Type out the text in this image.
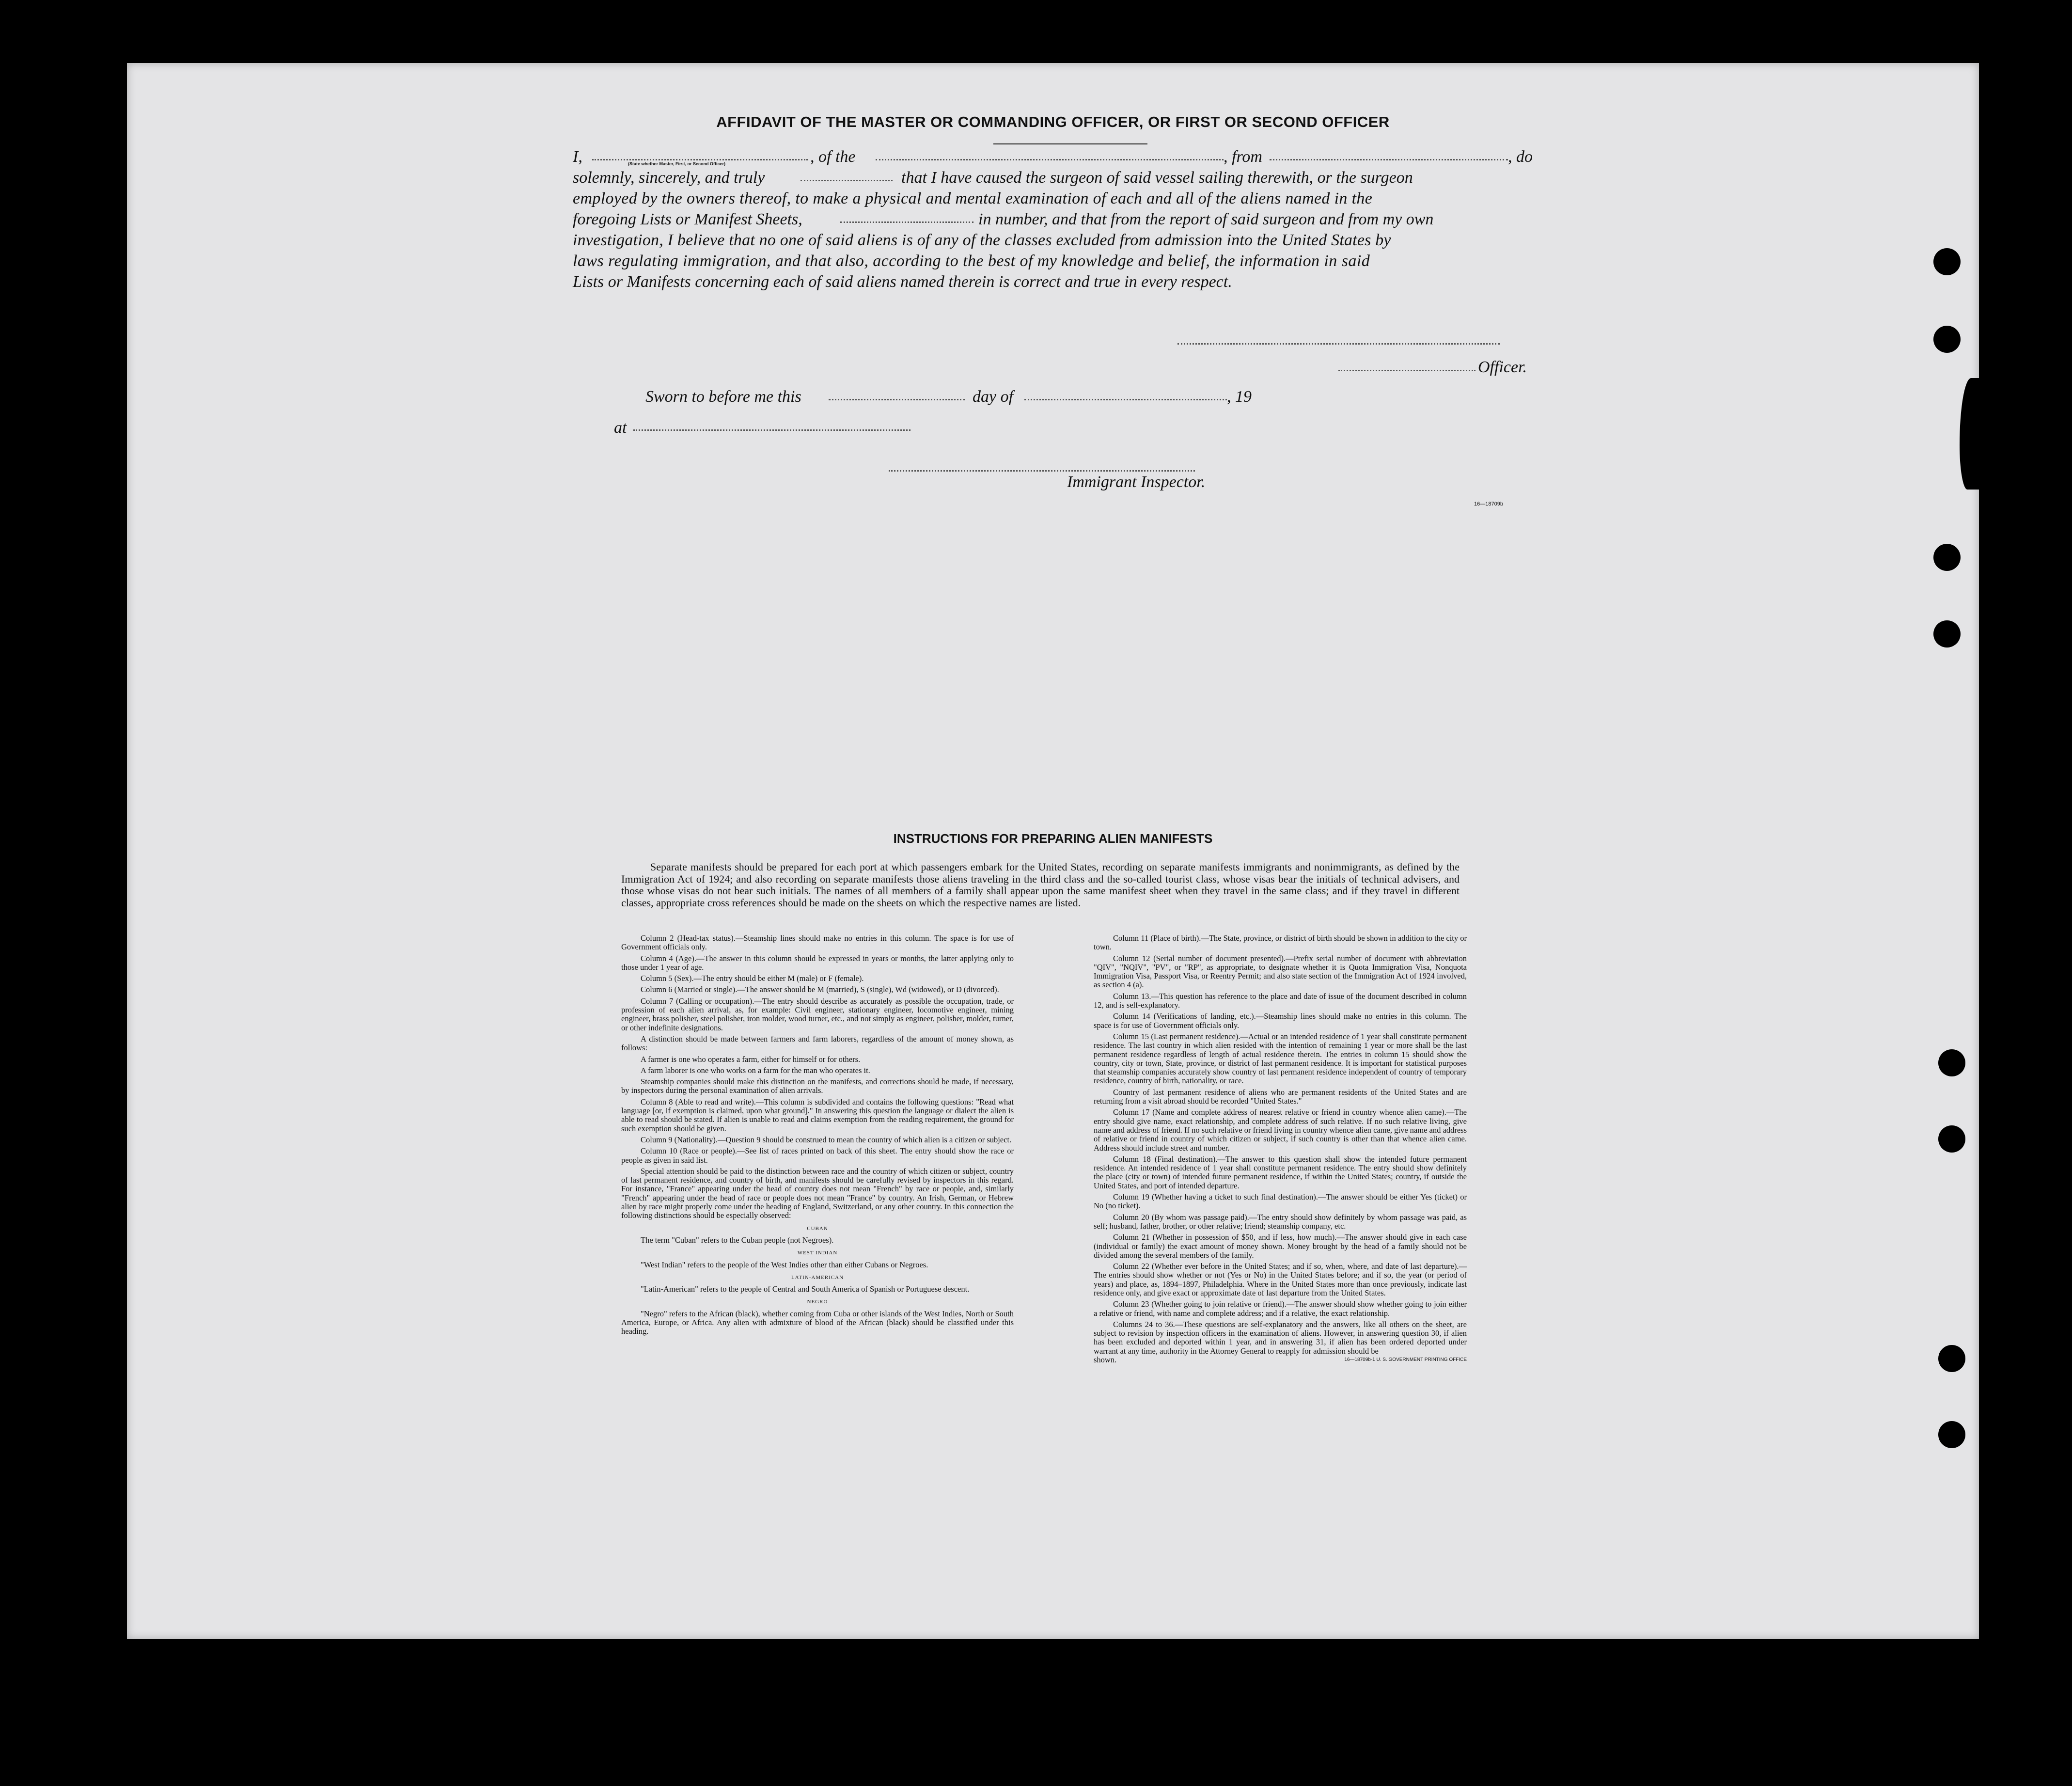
AFFIDAVIT OF THE MASTER OR COMMANDING OFFICER, OR FIRST OR SECOND OFFICER
I,	(State whether Master, First, or Second Officer)	, of the	, from	, do
solemnly, sincerely, and truly	that I have caused the surgeon of said vessel sailing therewith, or the surgeon
employed by the owners thereof, to make a physical and mental examination of each and all of the aliens named in the
foregoing Lists or Manifest Sheets,	in number, and that from the report of said surgeon and from my own
investigation, I believe that no one of said aliens is of any of the classes excluded from admission into the United States by
laws regulating immigration, and that also, according to the best of my knowledge and belief, the information in said
Lists or Manifests concerning each of said aliens named therein is correct and true in every respect.
Officer.
Sworn to before me this	day of	, 19
at
Immigrant Inspector.
16—18709b
INSTRUCTIONS FOR PREPARING ALIEN MANIFESTS
Separate manifests should be prepared for each port at which passengers embark for the United States, recording on separate manifests immigrants and nonimmigrants, as defined by the Immigration Act of 1924; and also recording on separate manifests those aliens traveling in the third class and the so-called tourist class, whose visas bear the initials of technical advisers, and those whose visas do not bear such initials. The names of all members of a family shall appear upon the same manifest sheet when they travel in the same class; and if they travel in different classes, appropriate cross references should be made on the sheets on which the respective names are listed.

Column 2 (Head-tax status).—Steamship lines should make no entries in this column. The space is for use of Government officials only.

Column 4 (Age).—The answer in this column should be expressed in years or months, the latter applying only to those under 1 year of age.

Column 5 (Sex).—The entry should be either M (male) or F (female).

Column 6 (Married or single).—The answer should be M (married), S (single), Wd (widowed), or D (divorced).

Column 7 (Calling or occupation).—The entry should describe as accurately as possible the occupation, trade, or profession of each alien arrival, as, for example: Civil engineer, stationary engineer, locomotive engineer, mining engineer, brass polisher, steel polisher, iron molder, wood turner, etc., and not simply as engineer, polisher, molder, turner, or other indefinite designations.

A distinction should be made between farmers and farm laborers, regardless of the amount of money shown, as follows:

A farmer is one who operates a farm, either for himself or for others.

A farm laborer is one who works on a farm for the man who operates it.

Steamship companies should make this distinction on the manifests, and corrections should be made, if necessary, by inspectors during the personal examination of alien arrivals.

Column 8 (Able to read and write).—This column is subdivided and contains the following questions: "Read what language [or, if exemption is claimed, upon what ground]." In answering this question the language or dialect the alien is able to read should be stated. If alien is unable to read and claims exemption from the reading requirement, the ground for such exemption should be given.

Column 9 (Nationality).—Question 9 should be construed to mean the country of which alien is a citizen or subject.

Column 10 (Race or people).—See list of races printed on back of this sheet. The entry should show the race or people as given in said list.

Special attention should be paid to the distinction between race and the country of which citizen or subject, country of last permanent residence, and country of birth, and manifests should be carefully revised by inspectors in this regard. For instance, "France" appearing under the head of country does not mean "French" by race or people, and, similarly "French" appearing under the head of race or people does not mean "France" by country. An Irish, German, or Hebrew alien by race might properly come under the heading of England, Switzerland, or any other country. In this connection the following distinctions should be especially observed:

CUBAN

The term "Cuban" refers to the Cuban people (not Negroes).

WEST INDIAN

"West Indian" refers to the people of the West Indies other than either Cubans or Negroes.

LATIN-AMERICAN

"Latin-American" refers to the people of Central and South America of Spanish or Portuguese descent.

NEGRO

"Negro" refers to the African (black), whether coming from Cuba or other islands of the West Indies, North or South America, Europe, or Africa. Any alien with admixture of blood of the African (black) should be classified under this heading.

Column 11 (Place of birth).—The State, province, or district of birth should be shown in addition to the city or town.

Column 12 (Serial number of document presented).—Prefix serial number of document with abbreviation "QIV", "NQIV", "PV", or "RP", as appropriate, to designate whether it is Quota Immigration Visa, Nonquota Immigration Visa, Passport Visa, or Reentry Permit; and also state section of the Immigration Act of 1924 involved, as section 4 (a).

Column 13.—This question has reference to the place and date of issue of the document described in column 12, and is self-explanatory.

Column 14 (Verifications of landing, etc.).—Steamship lines should make no entries in this column. The space is for use of Government officials only.

Column 15 (Last permanent residence).—Actual or an intended residence of 1 year shall constitute permanent residence. The last country in which alien resided with the intention of remaining 1 year or more shall be the last permanent residence regardless of length of actual residence therein. The entries in column 15 should show the country, city or town, State, province, or district of last permanent residence. It is important for statistical purposes that steamship companies accurately show country of last permanent residence independent of country of temporary residence, country of birth, nationality, or race.

Country of last permanent residence of aliens who are permanent residents of the United States and are returning from a visit abroad should be recorded "United States."

Column 17 (Name and complete address of nearest relative or friend in country whence alien came).—The entry should give name, exact relationship, and complete address of such relative. If no such relative living, give name and address of friend. If no such relative or friend living in country whence alien came, give name and address of relative or friend in country of which citizen or subject, if such country is other than that whence alien came. Address should include street and number.

Column 18 (Final destination).—The answer to this question shall show the intended future permanent residence. An intended residence of 1 year shall constitute permanent residence. The entry should show definitely the place (city or town) of intended future permanent residence, if within the United States; country, if outside the United States, and port of intended departure.

Column 19 (Whether having a ticket to such final destination).—The answer should be either Yes (ticket) or No (no ticket).

Column 20 (By whom was passage paid).—The entry should show definitely by whom passage was paid, as self; husband, father, brother, or other relative; friend; steamship company, etc.

Column 21 (Whether in possession of $50, and if less, how much).—The answer should give in each case (individual or family) the exact amount of money shown. Money brought by the head of a family should not be divided among the several members of the family.

Column 22 (Whether ever before in the United States; and if so, when, where, and date of last departure).—The entries should show whether or not (Yes or No) in the United States before; and if so, the year (or period of years) and place, as, 1894–1897, Philadelphia. Where in the United States more than once previously, indicate last residence only, and give exact or approximate date of last departure from the United States.

Column 23 (Whether going to join relative or friend).—The answer should show whether going to join either a relative or friend, with name and complete address; and if a relative, the exact relationship.

Columns 24 to 36.—These questions are self-explanatory and the answers, like all others on the sheet, are subject to revision by inspection officers in the examination of aliens. However, in answering question 30, if alien has been excluded and deported within 1 year, and in answering 31, if alien has been ordered deported under warrant at any time, authority in the Attorney General to reapply for admission should be

shown.	16—18709b-1 U. S. GOVERNMENT PRINTING OFFICE
